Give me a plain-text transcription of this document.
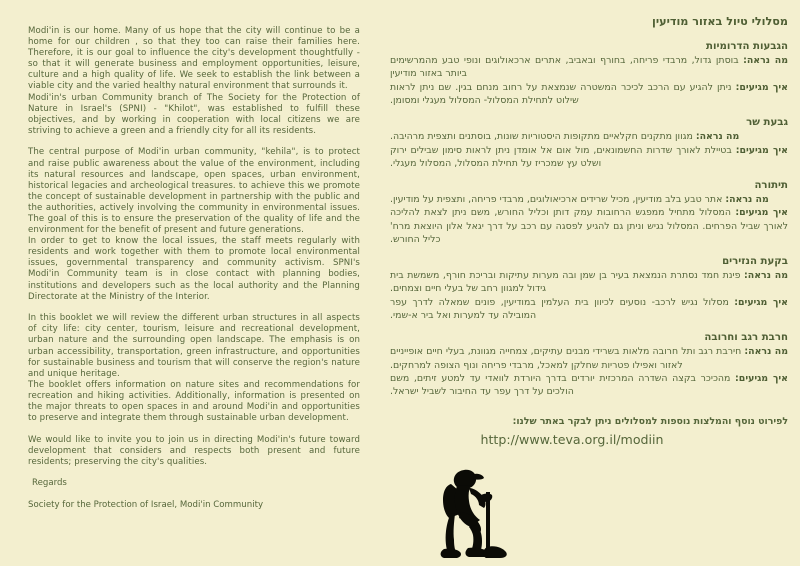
Modi'in is our home. Many of us hope that the city will continue to be a home for our children , so that they too can raise their families here. Therefore, it is our goal to influence the city's development thoughtfully - so that it will generate business and employment opportunities, leisure, culture and a high quality of life. We seek to establish the link between a viable city and the varied healthy natural environment that surrounds it.

Modi'in's urban Community branch of The Society for the Protection of Nature in Israel's (SPNI) - "Khilot", was established to fulfill these objectives, and by working in cooperation with local citizens we are striving to achieve a green and a friendly city for all its residents.

The central purpose of Modi'in urban community, "kehila", is to protect and raise public awareness about the value of the environment, including its natural resources and landscape, open spaces, urban environment, historical legacies and archeological treasures. to achieve this we promote the concept of sustainable development in partnership with the public and the authorities, actively involving the community in environmental issues. The goal of this is to ensure the preservation of the quality of life and the environment for the benefit of present and future generations.

In order to get to know the local issues, the staff meets regularly with residents and work together with them to promote local environmental issues, governmental transparency and community activism. SPNI's Modi'in Community team is in close contact with planning bodies, institutions and developers such as the local authority and the Planning Directorate at the Ministry of the Interior.

In this booklet we will review the different urban structures in all aspects of city life: city center, tourism, leisure and recreational development, urban nature and the surrounding open landscape. The emphasis is on urban accessibility, transportation, green infrastructure, and opportunities for sustainable business and tourism that will conserve the region's nature and unique heritage.

The booklet offers information on nature sites and recommendations for recreation and hiking activities. Additionally, information is presented on the major threats to open spaces in and around Modi'in and opportunities to preserve and integrate them through sustainable urban development.

We would like to invite you to join us in directing Modi'in's future toward development that considers and respects both present and future residents; preserving the city's qualities.

Regards
Society for the Protection of Israel, Modi'in Community
מסלולי טיול באזור מודיעין
הגבעות הדרומיות
מה נראה: בוסתן גדול, מרבדי פריחה, בחורף ובאביב, אתרים ארכאולוגים ונופי טבע מהמרשימים ביותר באזור מודיעין
איך מגיעים: ניתן להגיע עם הרכב לכיכר המשטרה שנמצאת על רחוב מנחם בגין. שם ניתן לראות שילוט לתחילת המסלול- המסלול מעגלי ומסומן.
גבעת שר
מה נראה: מגוון מתקנים חקלאיים מתקופות היסטוריות שונות, בוסתנים ותצפית מרהיבה.
איך מגיעים: בטיילת לאורך שדרות החשמונאים, מול אום אל אומדן ניתן לראות סימון שבילים ירוק ושלט עץ שמכריז על תחילת המסלול, המסלול מעגלי.
תיתורה
מה נראה: אתר טבע בלב מודיעין, מכיל שרידים ארכיאולוגים, מרבדי פריחה, ותצפית על מודיעין.
איך מגיעים: המסלול מתחיל ממפגש הרחובות עמק דותן וכליל החורש, משם ניתן לצאת להליכה לאורך שביל הפרחים. המסלול נגיש וניתן גם להגיע לפסגה עם רכב על דרך יגאל אלון היוצאת מרח' כליל החורש.
בקעת הנזירים
מה נראה: פינת חמד נסתרת הנמצאת בעיר בן שמן ובה מערות עתיקות ובריכת חורף, משמשת בית גידול למגוון רחב של בעלי חיים וצמחים.
איך מגיעים: מסלול נגיש לרכב- נוסעים לכיוון בית העלמין במודיעין, פונים שמאלה לדרך עפר המובילה עד למערות ואל ביר א-שמי.
חרבת רגב וחרובה
מה נראה: חירבת רגב ותל חרובה מלאות בשרידי מבנים עתיקים, צמחייה מגוונת, בעלי חיים אופייניים לאזור ואפילו פטריות שחלקן למאכל, מרבדי פריחה ונוף הצופה למרחקים.
איך מגיעים: מהכיכר בקצה השדרה המרכזית יורדים בדרך היורדת לוואדי עד למטע זיתים, משם הולכים על דרך עפר עד החיבור לשביל ישראל.
לפירוט נוסף והמלצות נוספות למסלולים ניתן לבקר באתר שלנו:
http://www.teva.org.il/modiin
